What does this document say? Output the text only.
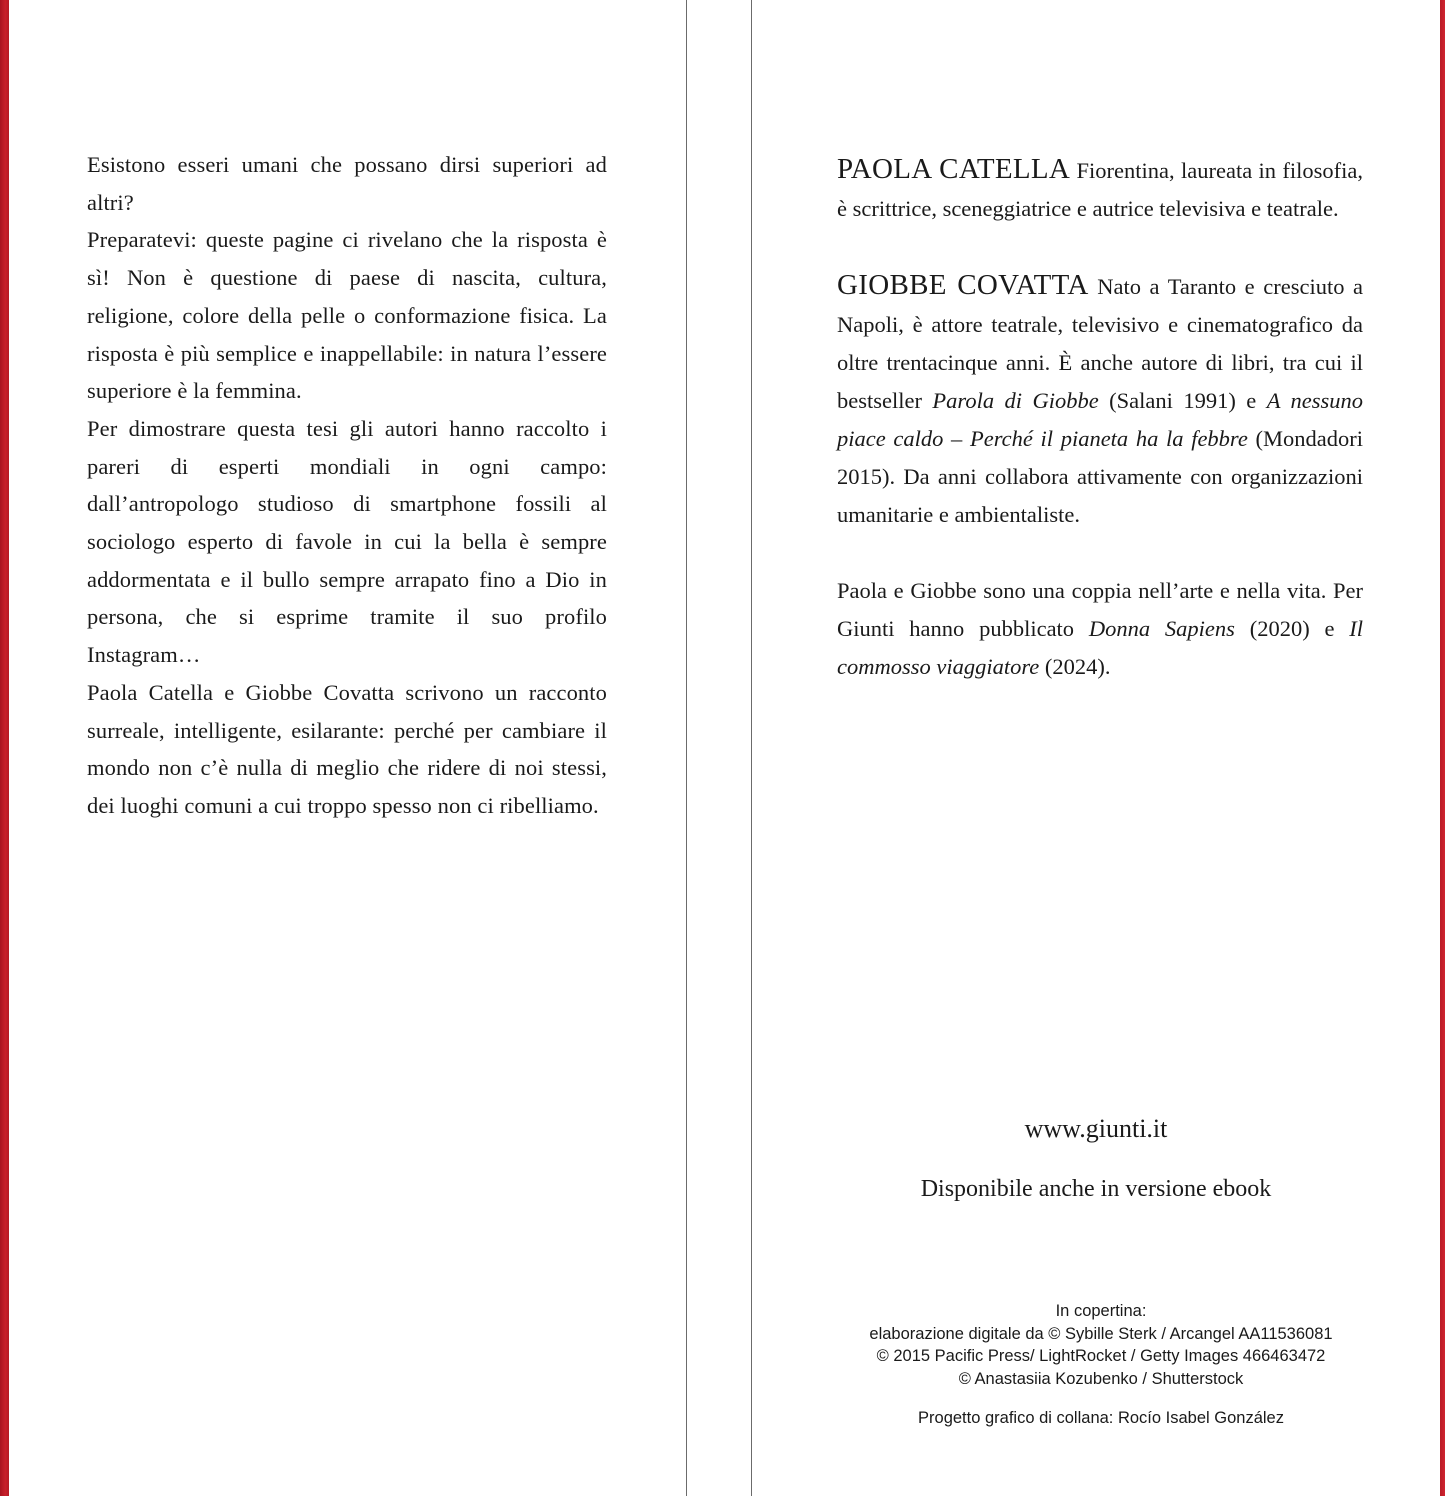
Esistono esseri umani che possano dirsi superiori ad altri?

Preparatevi: queste pagine ci rivelano che la risposta è sì! Non è questione di paese di nascita, cultura, religione, colore della pelle o conformazione fisica. La risposta è più semplice e inappellabile: in natura l’essere superiore è la femmina.

Per dimostrare questa tesi gli autori hanno raccolto i pareri di esperti mondiali in ogni campo: dall’antropologo studioso di smartphone fossili al sociologo esperto di favole in cui la bella è sempre addormentata e il bullo sempre arrapato fino a Dio in persona, che si esprime tramite il suo profilo Instagram…

Paola Catella e Giobbe Covatta scrivono un racconto surreale, intelligente, esilarante: perché per cambiare il mondo non c’è nulla di meglio che ridere di noi stessi, dei luoghi comuni a cui troppo spesso non ci ribelliamo.

PAOLA CATELLA Fiorentina, laureata in filosofia, è scrittrice, sceneggiatrice e autrice televisiva e teatrale.

GIOBBE COVATTA Nato a Taranto e cresciuto a Napoli, è attore teatrale, televisivo e cinematografico da oltre trentacinque anni. È anche autore di libri, tra cui il bestseller Parola di Giobbe (Salani 1991) e A nessuno piace caldo – Perché il pianeta ha la febbre (Mondadori 2015). Da anni collabora attivamente con organizzazioni umanitarie e ambientaliste.

Paola e Giobbe sono una coppia nell’arte e nella vita. Per Giunti hanno pubblicato Donna Sapiens (2020) e Il commosso viaggiatore (2024).

www.giunti.it
Disponibile anche in versione ebook
In copertina:
elaborazione digitale da © Sybille Sterk / Arcangel AA11536081
© 2015 Pacific Press/ LightRocket / Getty Images 466463472
© Anastasiia Kozubenko / Shutterstock
Progetto grafico di collana: Rocío Isabel González
